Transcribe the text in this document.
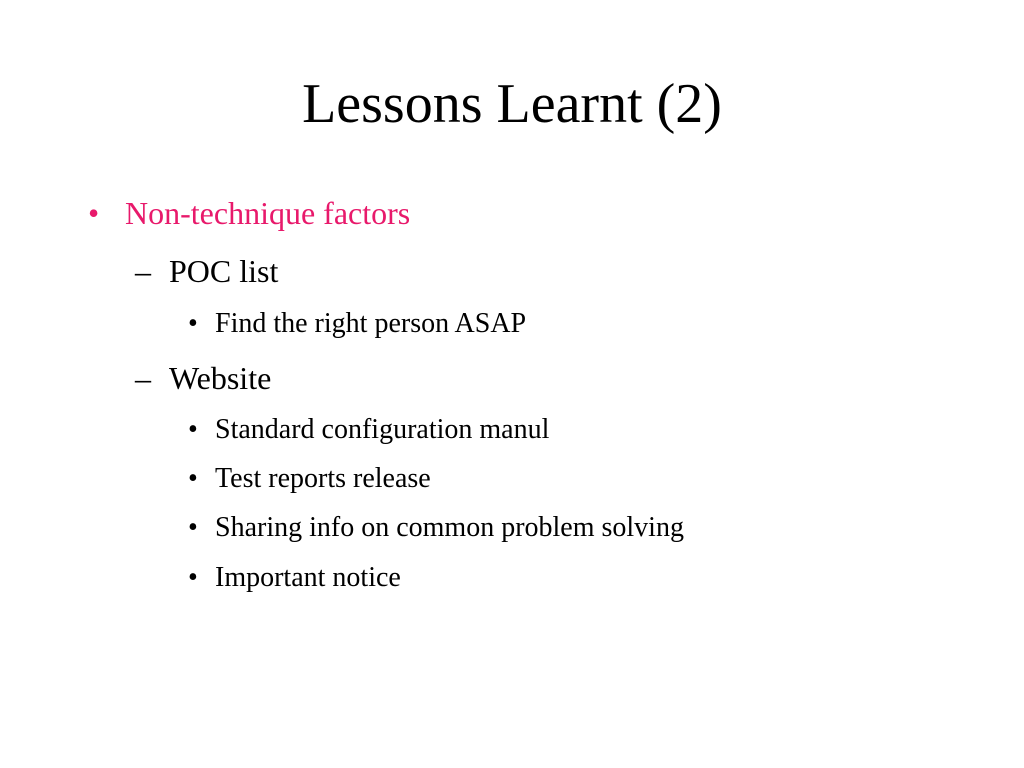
Lessons Learnt (2)
• Non-technique factors
– POC list
• Find the right person ASAP
– Website
• Standard configuration manul
• Test reports release
• Sharing info on common problem solving
• Important notice
